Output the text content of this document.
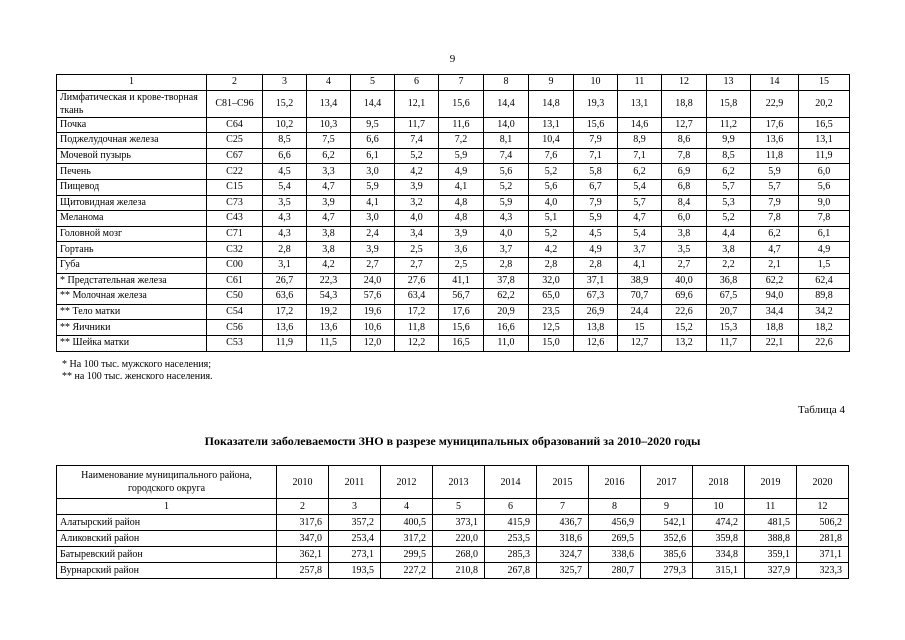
9
1	2	3	4	5	6	7	8	9	10	11	12	13	14	15
Лимфатическая и крове-творная ткань	С81–С96	15,2	13,4	14,4	12,1	15,6	14,4	14,8	19,3	13,1	18,8	15,8	22,9	20,2
Почка	С64	10,2	10,3	9,5	11,7	11,6	14,0	13,1	15,6	14,6	12,7	11,2	17,6	16,5
Поджелудочная железа	С25	8,5	7,5	6,6	7,4	7,2	8,1	10,4	7,9	8,9	8,6	9,9	13,6	13,1
Мочевой пузырь	С67	6,6	6,2	6,1	5,2	5,9	7,4	7,6	7,1	7,1	7,8	8,5	11,8	11,9
Печень	С22	4,5	3,3	3,0	4,2	4,9	5,6	5,2	5,8	6,2	6,9	6,2	5,9	6,0
Пищевод	С15	5,4	4,7	5,9	3,9	4,1	5,2	5,6	6,7	5,4	6,8	5,7	5,7	5,6
Щитовидная железа	С73	3,5	3,9	4,1	3,2	4,8	5,9	4,0	7,9	5,7	8,4	5,3	7,9	9,0
Меланома	С43	4,3	4,7	3,0	4,0	4,8	4,3	5,1	5,9	4,7	6,0	5,2	7,8	7,8
Головной мозг	С71	4,3	3,8	2,4	3,4	3,9	4,0	5,2	4,5	5,4	3,8	4,4	6,2	6,1
Гортань	С32	2,8	3,8	3,9	2,5	3,6	3,7	4,2	4,9	3,7	3,5	3,8	4,7	4,9
Губа	С00	3,1	4,2	2,7	2,7	2,5	2,8	2,8	2,8	4,1	2,7	2,2	2,1	1,5
* Предстательная железа	С61	26,7	22,3	24,0	27,6	41,1	37,8	32,0	37,1	38,9	40,0	36,8	62,2	62,4
** Молочная железа	С50	63,6	54,3	57,6	63,4	56,7	62,2	65,0	67,3	70,7	69,6	67,5	94,0	89,8
** Тело матки	С54	17,2	19,2	19,6	17,2	17,6	20,9	23,5	26,9	24,4	22,6	20,7	34,4	34,2
** Яичники	С56	13,6	13,6	10,6	11,8	15,6	16,6	12,5	13,8	15	15,2	15,3	18,8	18,2
** Шейка матки	С53	11,9	11,5	12,0	12,2	16,5	11,0	15,0	12,6	12,7	13,2	11,7	22,1	22,6
* На 100 тыс. мужского населения;
** на 100 тыс. женского населения.
Таблица 4
Показатели заболеваемости ЗНО в разрезе муниципальных образований за 2010–2020 годы
Наименование муниципального района, городского округа	2010	2011	2012	2013	2014	2015	2016	2017	2018	2019	2020
1	2	3	4	5	6	7	8	9	10	11	12
Алатырский район	317,6	357,2	400,5	373,1	415,9	436,7	456,9	542,1	474,2	481,5	506,2
Аликовский район	347,0	253,4	317,2	220,0	253,5	318,6	269,5	352,6	359,8	388,8	281,8
Батыревский район	362,1	273,1	299,5	268,0	285,3	324,7	338,6	385,6	334,8	359,1	371,1
Вурнарский район	257,8	193,5	227,2	210,8	267,8	325,7	280,7	279,3	315,1	327,9	323,3
